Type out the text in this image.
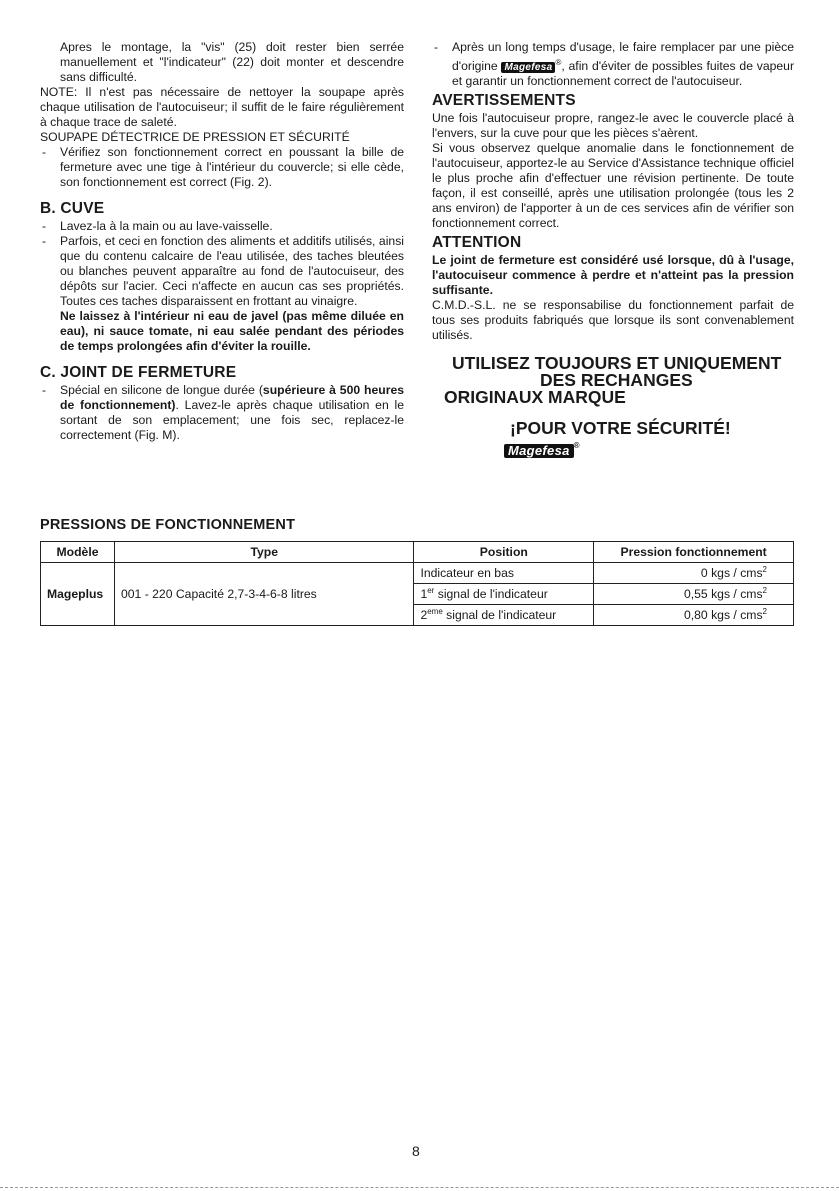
Apres le montage, la "vis" (25) doit rester bien serrée manuellement et "l'indicateur" (22) doit monter et descendre sans difficulté.

NOTE: Il n'est pas nécessaire de nettoyer la soupape après chaque utilisation de l'autocuiseur; il suffit de le faire régulièrement à chaque trace de saleté.

SOUPAPE DÉTECTRICE DE PRESSION ET SÉCURITÉ

- Vérifiez son fonctionnement correct en poussant la bille de fermeture avec une tige à l'intérieur du couvercle; si elle cède, son fonctionnement est correct (Fig. 2).

B. CUVE

- Lavez-la à la main ou au lave-vaisselle.

- Parfois, et ceci en fonction des aliments et additifs utilisés, ainsi que du contenu calcaire de l'eau utilisée, des taches bleutées ou blanches peuvent apparaître au fond de l'autocuiseur, des dépôts sur l'acier. Ceci n'affecte en aucun cas ses propriétés. Toutes ces taches disparaissent en frottant au vinaigre.

Ne laissez à l'intérieur ni eau de javel (pas même diluée en eau), ni sauce tomate, ni eau salée pendant des périodes de temps prolongées afin d'éviter la rouille.

C. JOINT DE FERMETURE

- Spécial en silicone de longue durée (supérieure à 500 heures de fonctionnement). Lavez-le après chaque utilisation en le sortant de son emplacement; une fois sec, replacez-le correctement (Fig. M).

- Après un long temps d'usage, le faire remplacer par une pièce d'origine Magefesa ®, afin d'éviter de possibles fuites de vapeur et garantir un fonctionnement correct de l'autocuiseur.

AVERTISSEMENTS

Une fois l'autocuiseur propre, rangez-le avec le couvercle placé à l'envers, sur la cuve pour que les pièces s'aèrent.

Si vous observez quelque anomalie dans le fonctionnement de l'autocuiseur, apportez-le au Service d'Assistance technique officiel le plus proche afin d'effectuer une révision pertinente. De toute façon, il est conseillé, après une utilisation prolongée (tous les 2 ans environ) de l'apporter à un de ces services afin de vérifier son fonctionnement correct.

ATTENTION

Le joint de fermeture est considéré usé lorsque, dû à l'usage, l'autocuiseur commence à perdre et n'atteint pas la pression suffisante.

C.M.D.-S.L. ne se responsabilise du fonctionnement parfait de tous ses produits fabriqués que lorsque ils sont convenablement utilisés.

UTILISEZ TOUJOURS ET UNIQUEMENT
DES RECHANGES
ORIGINAUX MARQUE
¡POUR VOTRE SÉCURITÉ!Magefesa ®
PRESSIONS DE FONCTIONNEMENT
Modèle	Type	Position	Pression fonctionnement
Mageplus	001 - 220 Capacité 2,7-3-4-6-8 litres	Indicateur en bas	0 kgs / cms$^2$
		1er signal de l'indicateur	0,55 kgs / cms$^2$
		2eme signal de l'indicateur	0,80 kgs / cms$^2$
8
